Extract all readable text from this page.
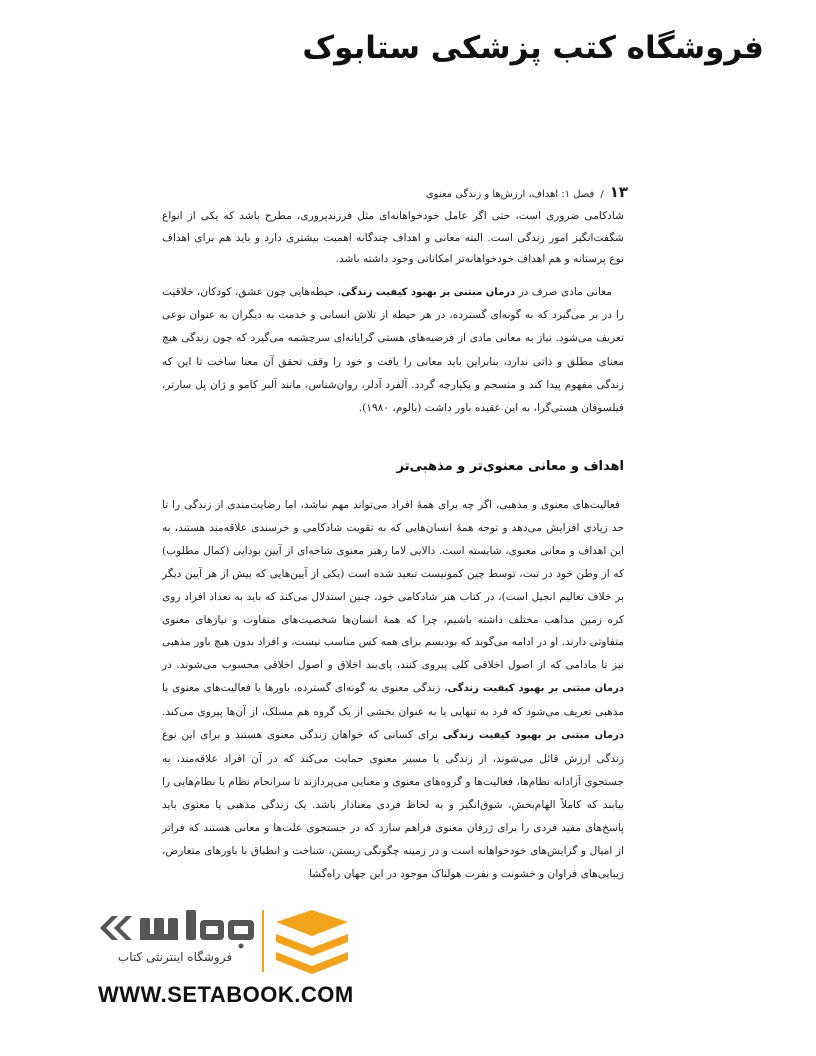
فروشگاه کتب پزشکی ستابوک
۱۳/فصل ۱: اهداف، ارزش‌ها و زندگی معنوی
شادکامی ضروری است، حتی اگر عامل خودخواهانه‌ای مثل فرزندپروری، مطرح باشد که یکی از انواع شگفت‌انگیز امور زندگی است. البته معانی و اهداف چندگانه اهمیت بیشتری دارد و باید هم برای اهداف نوع پرستانه و هم اهداف خودخواهانه‌تر امکاناتی وجود داشته باشد.
معانی مادی صرف در درمان مبتنی بر بهبود کیفیت زندگی، حیطه‌هایی چون عشق، کودکان، خلاقیت را در بر می‌گیرد که به گونه‌ای گسترده، در هر حیطه از تلاش انسانی و خدمت به دیگران به عنوان نوعی تعریف می‌شود. نیاز به معانی مادی از فرضیه‌های هستی گرایانه‌ای سرچشمه می‌گیرد که چون زندگی هیچ معنای مطلق و ذاتی ندارد، بنابراین باید معانی را یافت و خود را وقف تحقق آن معنا ساخت تا این که زندگی مفهوم پیدا کند و منسجم و یکپارچه گردد. آلفرد آدلر، روان‌شناس، مانند آلبر کامو و ژان پل سارتر، فیلسوفان هستی‌گرا، به این عقیده باور داشت (یالوم، ۱۹۸۰).
اهداف و معانی معنوی‌تر و مذهبی‌تر
فعالیت‌های معنوی و مذهبی، اگر چه برای همهٔ افراد می‌تواند مهم نباشد، اما رضایت‌مندی از زندگی را تا حد زیادی افزایش می‌دهد و توجه همهٔ انسان‌هایی که به تقویت شادکامی و خرسندی علاقه‌مند هستند، به این اهداف و معانی معنوی، شایسته است. دالایی لاما رهبر معنوی شاخه‌ای از آیین بودایی (کمال مطلوب) که از وطن خود در تبت، توسط چین کمونیست تبعید شده است (یکی از آیین‌هایی که بیش از هر آیین دیگر بر خلاف تعالیم انجیل است)، در کتاب هنر شادکامی خود، چنین استدلال می‌کند که باید به تعداد افراد روی کره زمین مذاهب مختلف داشته باشیم، چرا که همهٔ انسان‌ها شخصیت‌های متفاوت و نیازهای معنوی متفاوتی دارند. او در ادامه می‌گوید که بودیسم برای همه کس مناسب نیست، و افراد بدون هیچ باور مذهبی نیز تا مادامی که از اصول اخلاقی کلی پیروی کنند، پای‌بند اخلاق و اصول اخلاقی محسوب می‌شوند. در درمان مبتنی بر بهبود کیفیت زندگی، زندگی معنوی به گونه‌ای گسترده، باورها یا فعالیت‌های معنوی یا مذهبی تعریف می‌شود که فرد به تنهایی یا به عنوان بخشی از یک گروه هم مسلک، از آن‌ها پیروی می‌کند. درمان مبتنی بر بهبود کیفیت زندگی برای کسانی که خواهان زندگی معنوی هستند و برای این نوع زندگی ارزش قائل می‌شوند، از زندگی یا مسیر معنوی حمایت می‌کند که در آن افراد علاقه‌مند، به جستجوی آزادانه نظام‌ها، فعالیت‌ها و گروه‌های معنوی و معنایی می‌پردازند تا سرانجام نظام یا نظام‌هایی را بیابند که کاملاً الهام‌بخش، شوق‌انگیز و به لحاظ فردی معنادار باشد. یک زندگی مذهبی یا معنوی باید پاسخ‌های مفید فردی را برای ژرفان معنوی فراهم سازد که در جستجوی علت‌ها و معانی هستند که فراتر از امیال و گرایش‌های خودخواهانه است و در زمینه چگونگی زیستن، شناخت و انطباق با باورهای متعارض، زیبایی‌های فراوان و خشونت و نفرت هولناک موجود در این جهان راه‌گشا
فروشگاه اینترنتی کتاب
WWW.SETABOOK.COM
